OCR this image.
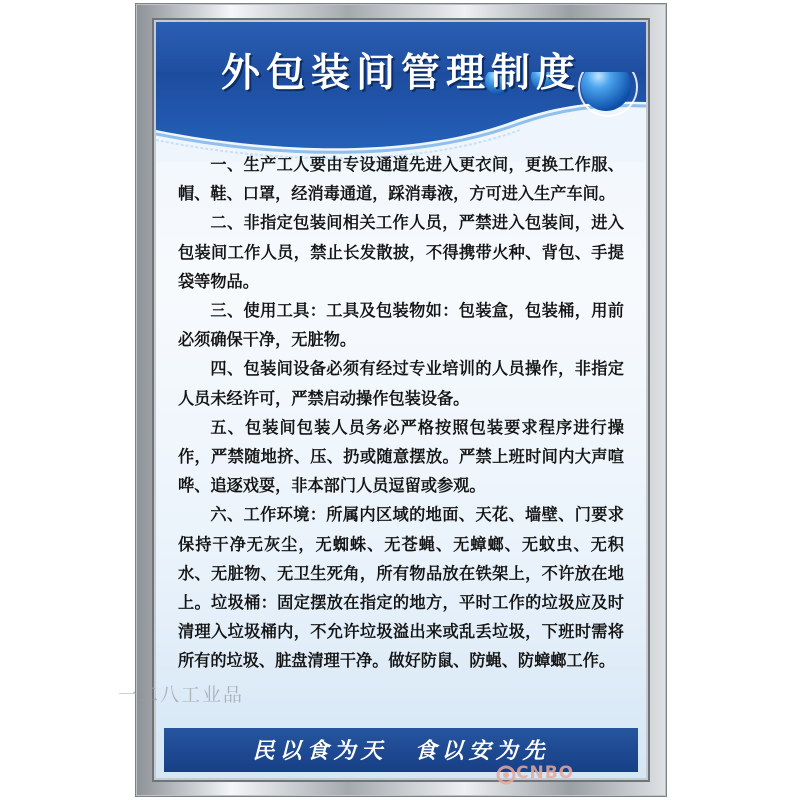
外包装间管理制度

一、生产工人要由专设通道先进入更衣间，更换工作服、帽、鞋、口罩，经消毒通道，踩消毒液，方可进入生产车间。

二、非指定包装间相关工作人员，严禁进入包装间，进入包装间工作人员，禁止长发散披，不得携带火种、背包、手提袋等物品。

三、使用工具：工具及包装物如：包装盒，包装桶，用前必须确保干净，无脏物。

四、包装间设备必须有经过专业培训的人员操作，非指定人员未经许可，严禁启动操作包装设备。

五、包装间包装人员务必严格按照包装要求程序进行操作，严禁随地挤、压、扔或随意摆放。严禁上班时间内大声喧哗、追逐戏耍，非本部门人员逗留或参观。

六、工作环境：所属内区域的地面、天花、墙壁、门要求保持干净无灰尘，无蜘蛛、无苍蝇、无蟑螂、无蚊虫、无积水、无脏物、无卫生死角，所有物品放在铁架上，不许放在地上。垃圾桶：固定摆放在指定的地方，平时工作的垃圾应及时清理入垃圾桶内，不允许垃圾溢出来或乱丢垃圾，下班时需将所有的垃圾、脏盘清理干净。做好防鼠、防蝇、防蟑螂工作。

民以食为天　食以安为先
一二八工业品
CNBO
